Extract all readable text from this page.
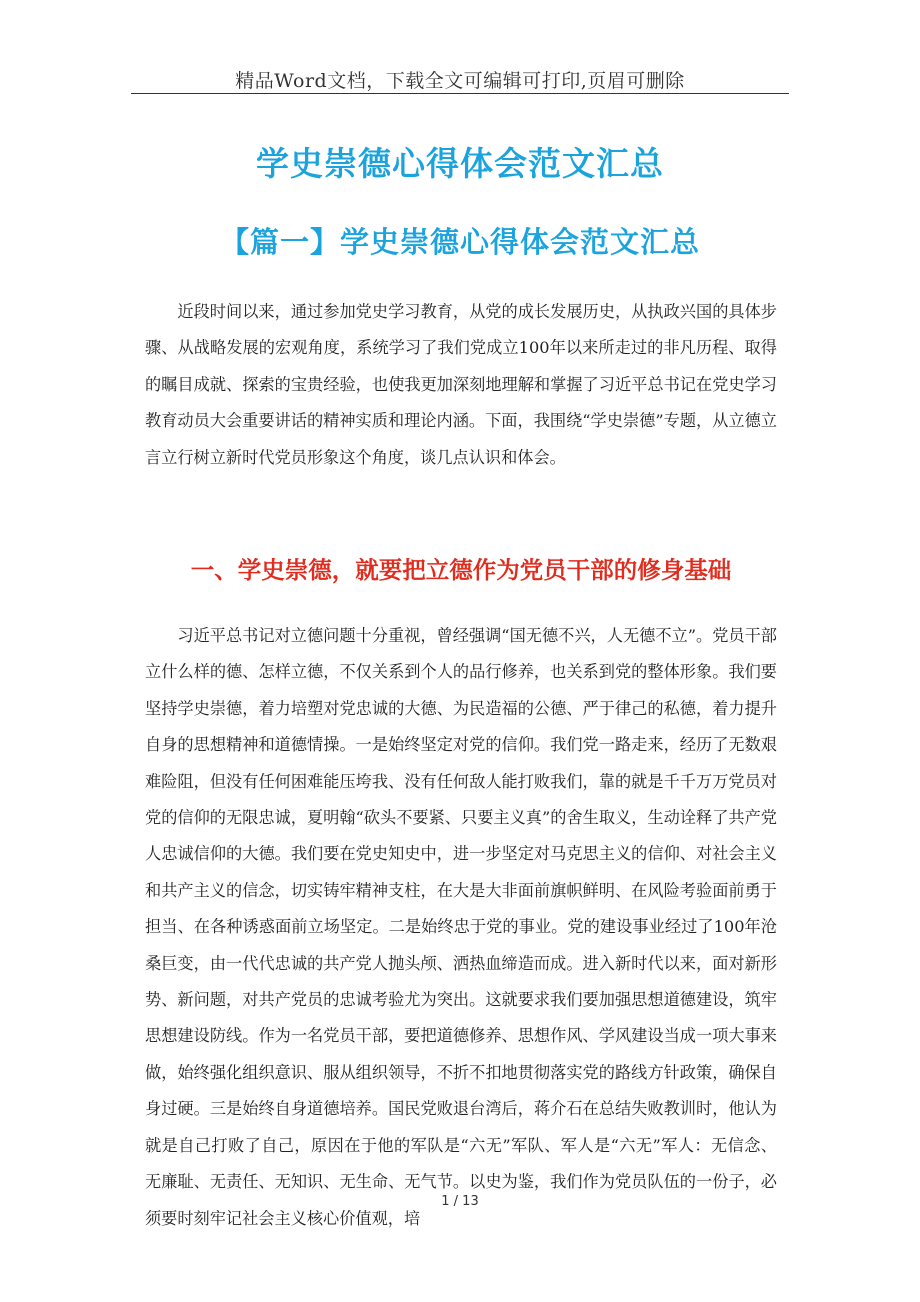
精品Word文档，下载全文可编辑可打印,页眉可删除
学史崇德心得体会范文汇总
【篇一】学史崇德心得体会范文汇总

近段时间以来，通过参加党史学习教育，从党的成长发展历史，从执政兴国的具体步骤、从战略发展的宏观角度，系统学习了我们党成立100年以来所走过的非凡历程、取得的瞩目成就、探索的宝贵经验，也使我更加深刻地理解和掌握了习近平总书记在党史学习教育动员大会重要讲话的精神实质和理论内涵。下面，我围绕“学史崇德”专题，从立德立言立行树立新时代党员形象这个角度，谈几点认识和体会。

一、学史崇德，就要把立德作为党员干部的修身基础

习近平总书记对立德问题十分重视，曾经强调“国无德不兴，人无德不立”。党员干部立什么样的德、怎样立德，不仅关系到个人的品行修养，也关系到党的整体形象。我们要坚持学史崇德，着力培塑对党忠诚的大德、为民造福的公德、严于律己的私德，着力提升自身的思想精神和道德情操。一是始终坚定对党的信仰。我们党一路走来，经历了无数艰难险阻，但没有任何困难能压垮我、没有任何敌人能打败我们，靠的就是千千万万党员对党的信仰的无限忠诚，夏明翰“砍头不要紧、只要主义真”的舍生取义，生动诠释了共产党人忠诚信仰的大德。我们要在党史知史中，进一步坚定对马克思主义的信仰、对社会主义和共产主义的信念，切实铸牢精神支柱，在大是大非面前旗帜鲜明、在风险考验面前勇于担当、在各种诱惑面前立场坚定。二是始终忠于党的事业。党的建设事业经过了100年沧桑巨变，由一代代忠诚的共产党人抛头颅、洒热血缔造而成。进入新时代以来，面对新形势、新问题，对共产党员的忠诚考验尤为突出。这就要求我们要加强思想道德建设，筑牢思想建设防线。作为一名党员干部，要把道德修养、思想作风、学风建设当成一项大事来做，始终强化组织意识、服从组织领导，不折不扣地贯彻落实党的路线方针政策，确保自身过硬。三是始终自身道德培养。国民党败退台湾后，蒋介石在总结失败教训时，他认为就是自己打败了自己，原因在于他的军队是“六无”军队、军人是“六无”军人：无信念、无廉耻、无责任、无知识、无生命、无气节。以史为鉴，我们作为党员队伍的一份子，必须要时刻牢记社会主义核心价值观，培

1 / 13
